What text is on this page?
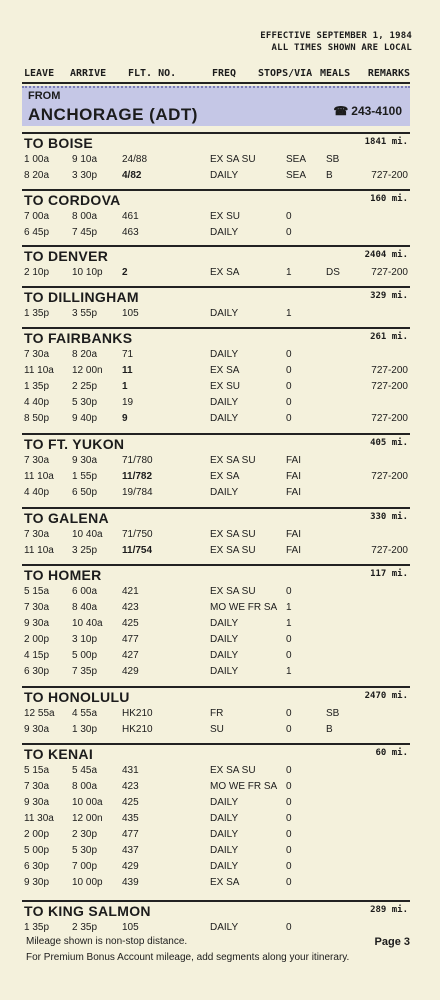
EFFECTIVE SEPTEMBER 1, 1984
ALL TIMES SHOWN ARE LOCAL
LEAVE ARRIVE FLT. NO.	FREQ STOPS/VIA MEALS REMARKS
FROM
ANCHORAGE (ADT)	☎ 243-4100
TO BOISE	1841 mi.
1 00a 9 10a 24/88	EX SA SU	SEA SB
8 20a 3 30p 4/82	DAILY	SEA B	727-200
TO CORDOVA	160 mi.
7 00a 8 00a 461	EX SU	0
6 45p 7 45p 463	DAILY	0
TO DENVER	2404 mi.
2 10p 10 10p 2	EX SA	1	DS	727-200
TO DILLINGHAM	329 mi.
1 35p 3 55p 105	DAILY	1
TO FAIRBANKS	261 mi.
7 30a 8 20a 71	DAILY	0
11 10a 12 00n 11	EX SA	0	727-200
1 35p 2 25p 1	EX SU	0	727-200
4 40p 5 30p 19	DAILY	0
8 50p 9 40p 9	DAILY	0	727-200
TO FT. YUKON	405 mi.
7 30a 9 30a 71/780	EX SA SU	FAI
11 10a 1 55p 11/782	EX SA	FAI	727-200
4 40p 6 50p 19/784	DAILY	FAI
TO GALENA	330 mi.
7 30a 10 40a 71/750	EX SA SU	FAI
11 10a 3 25p 11/754	EX SA SU	FAI	727-200
TO HOMER	117 mi.
5 15a 6 00a 421	EX SA SU	0
7 30a 8 40a 423	MO WE FR SA 1
9 30a 10 40a 425	DAILY	1
2 00p 3 10p 477	DAILY	0
4 15p 5 00p 427	DAILY	0
6 30p 7 35p 429	DAILY	1
TO HONOLULU	2470 mi.
12 55a 4 55a HK210	FR	0	SB
9 30a 1 30p HK210	SU	0	B
TO KENAI	60 mi.
5 15a 5 45a 431	EX SA SU	0
7 30a 8 00a 423	MO WE FR SA 0
9 30a 10 00a 425	DAILY	0
11 30a 12 00n 435	DAILY	0
2 00p 2 30p 477	DAILY	0
5 00p 5 30p 437	DAILY	0
6 30p 7 00p 429	DAILY	0
9 30p 10 00p 439	EX SA	0
TO KING SALMON	289 mi.
1 35p 2 35p 105	DAILY	0
Mileage shown is non-stop distance.
For Premium Bonus Account mileage, add segments along your itinerary.
Page 3
